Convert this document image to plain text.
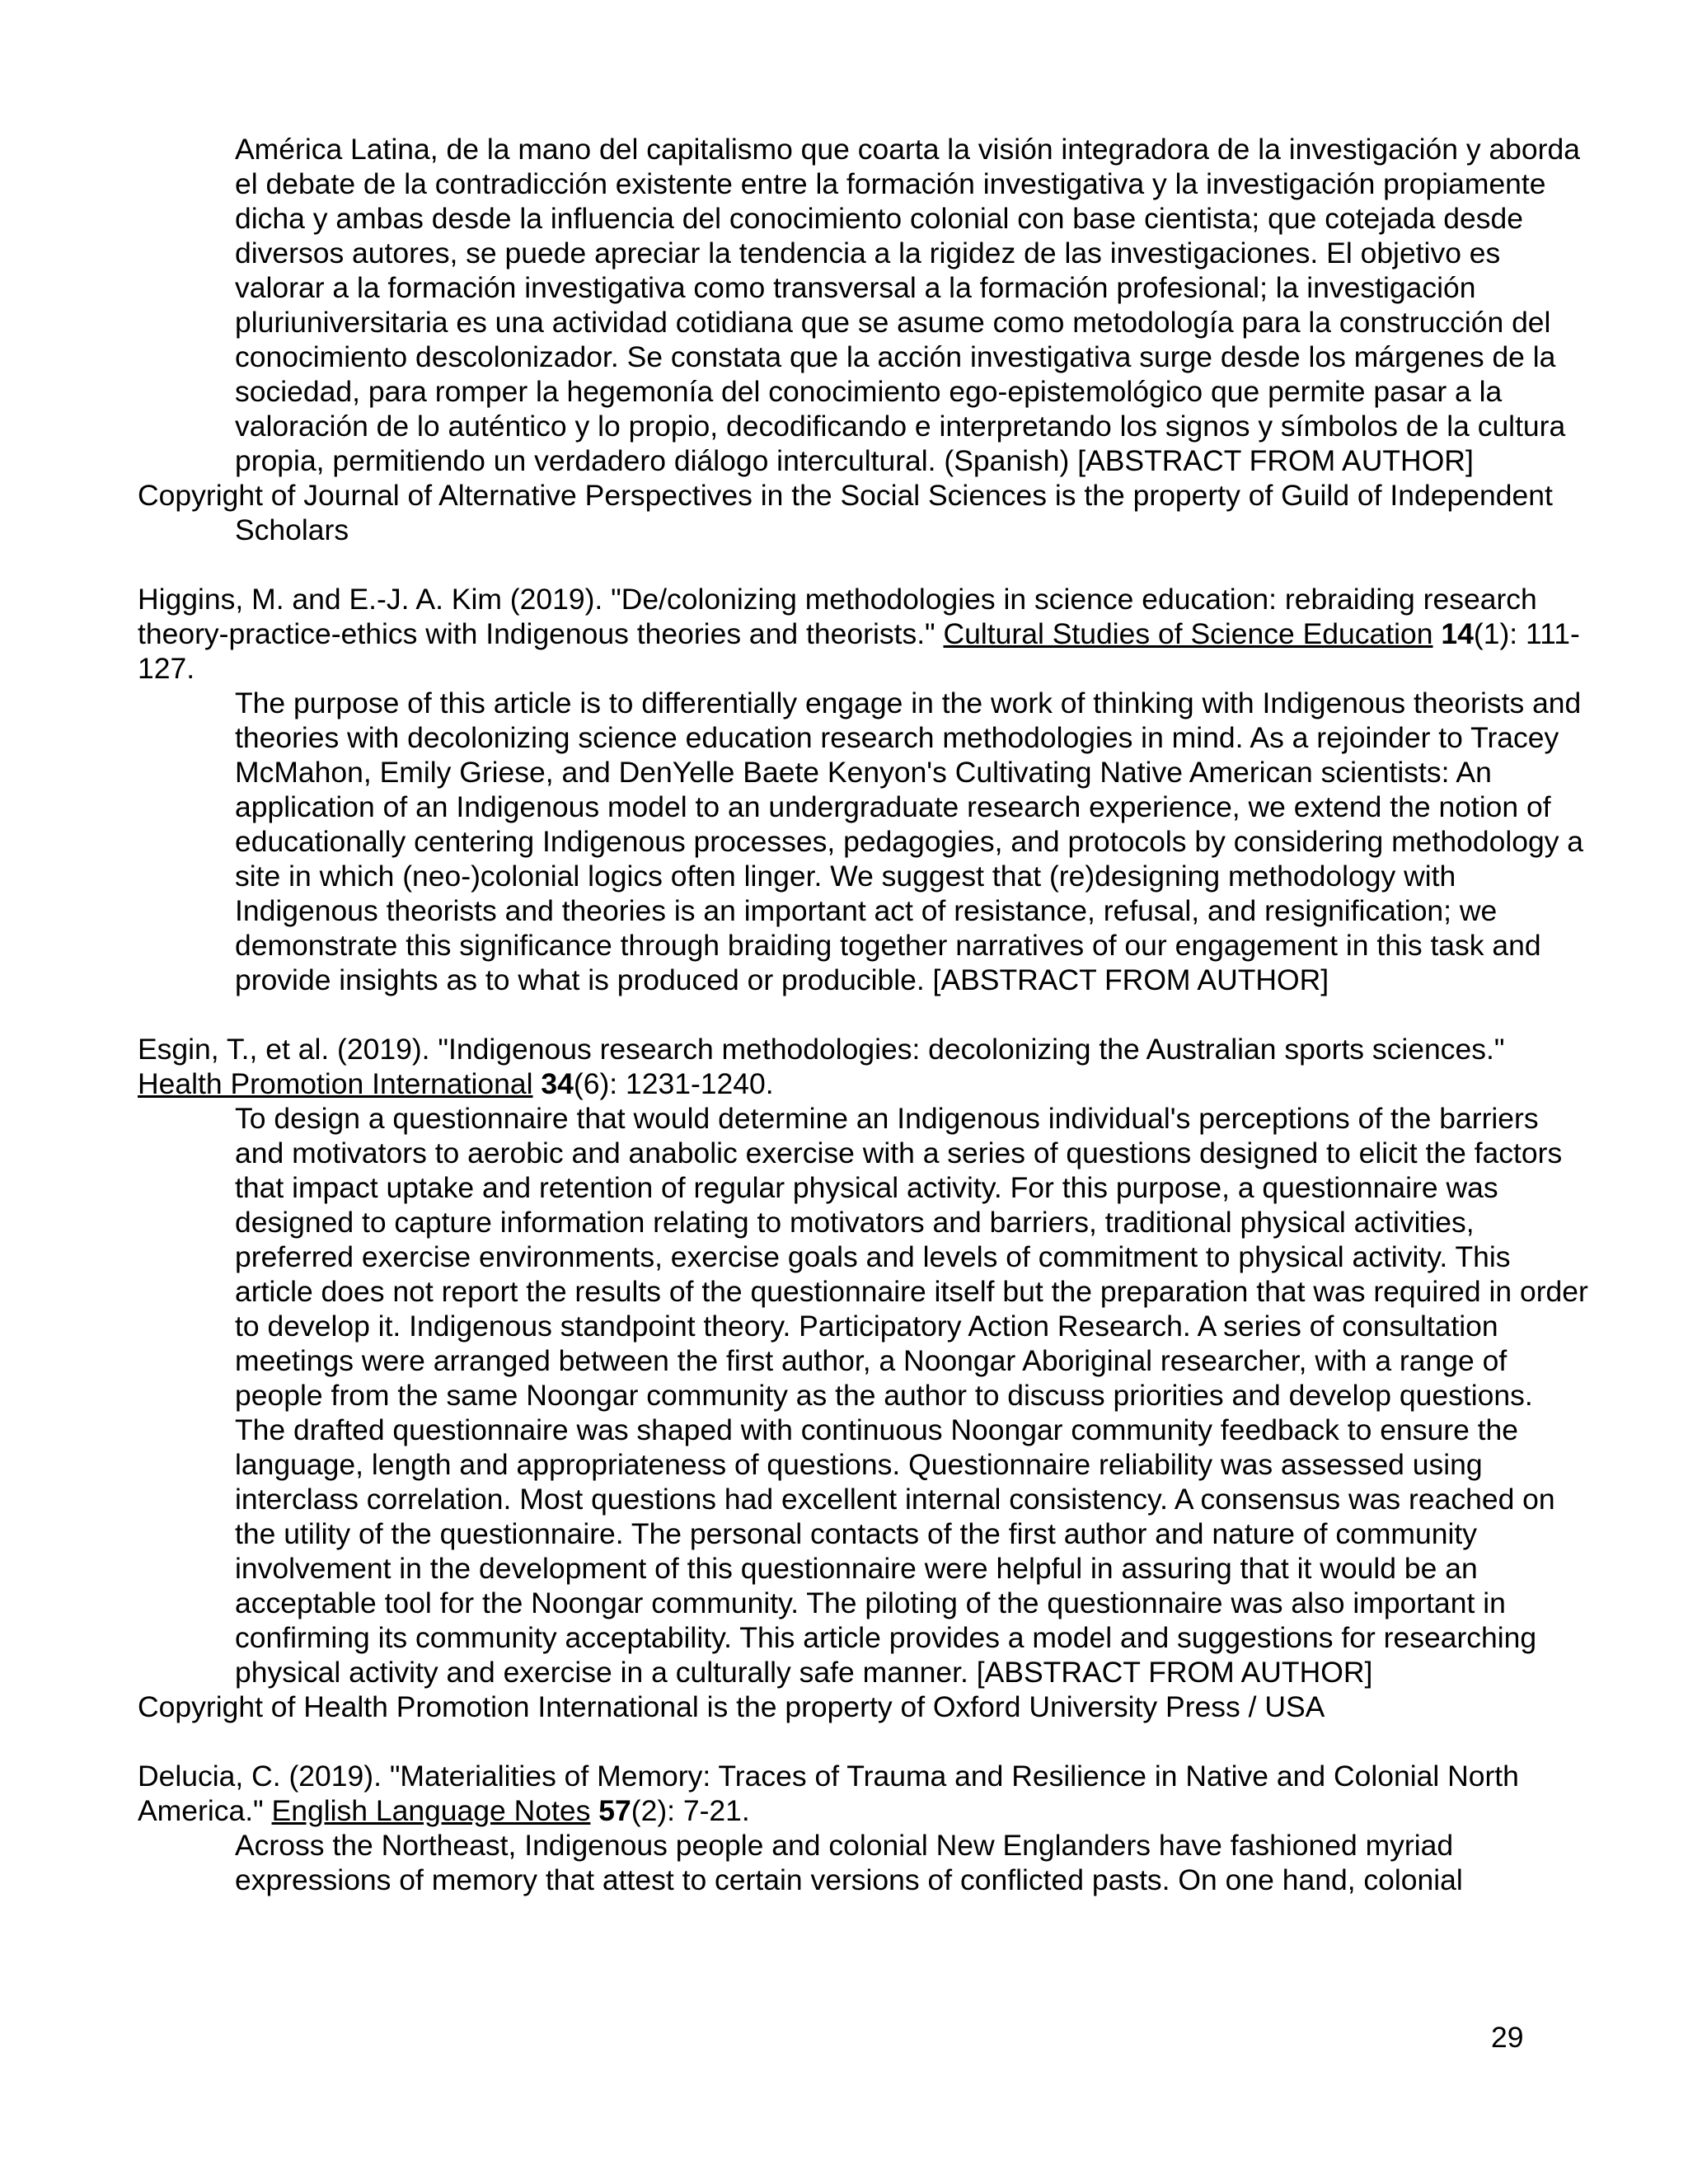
América Latina, de la mano del capitalismo que coarta la visión integradora de la investigación y aborda el debate de la contradicción existente entre la formación investigativa y la investigación propiamente dicha y ambas desde la influencia del conocimiento colonial con base cientista; que cotejada desde diversos autores, se puede apreciar la tendencia a la rigidez de las investigaciones. El objetivo es valorar a la formación investigativa como transversal a la formación profesional; la investigación pluriuniversitaria es una actividad cotidiana que se asume como metodología para la construcción del conocimiento descolonizador. Se constata que la acción investigativa surge desde los márgenes de la sociedad, para romper la hegemonía del conocimiento ego-epistemológico que permite pasar a la valoración de lo auténtico y lo propio, decodificando e interpretando los signos y símbolos de la cultura propia, permitiendo un verdadero diálogo intercultural. (Spanish) [ABSTRACT FROM AUTHOR]

Copyright of Journal of Alternative Perspectives in the Social Sciences is the property of Guild of Independent Scholars

Higgins, M. and E.-J. A. Kim (2019). "De/colonizing methodologies in science education: rebraiding research theory-practice-ethics with Indigenous theories and theorists." Cultural Studies of Science Education 14(1): 111-127.

The purpose of this article is to differentially engage in the work of thinking with Indigenous theorists and theories with decolonizing science education research methodologies in mind. As a rejoinder to Tracey McMahon, Emily Griese, and DenYelle Baete Kenyon's Cultivating Native American scientists: An application of an Indigenous model to an undergraduate research experience, we extend the notion of educationally centering Indigenous processes, pedagogies, and protocols by considering methodology a site in which (neo-)colonial logics often linger. We suggest that (re)designing methodology with Indigenous theorists and theories is an important act of resistance, refusal, and resignification; we demonstrate this significance through braiding together narratives of our engagement in this task and provide insights as to what is produced or producible. [ABSTRACT FROM AUTHOR]

Esgin, T., et al. (2019). "Indigenous research methodologies: decolonizing the Australian sports sciences." Health Promotion International 34(6): 1231-1240.

To design a questionnaire that would determine an Indigenous individual's perceptions of the barriers and motivators to aerobic and anabolic exercise with a series of questions designed to elicit the factors that impact uptake and retention of regular physical activity. For this purpose, a questionnaire was designed to capture information relating to motivators and barriers, traditional physical activities, preferred exercise environments, exercise goals and levels of commitment to physical activity. This article does not report the results of the questionnaire itself but the preparation that was required in order to develop it. Indigenous standpoint theory. Participatory Action Research. A series of consultation meetings were arranged between the first author, a Noongar Aboriginal researcher, with a range of people from the same Noongar community as the author to discuss priorities and develop questions. The drafted questionnaire was shaped with continuous Noongar community feedback to ensure the language, length and appropriateness of questions. Questionnaire reliability was assessed using interclass correlation. Most questions had excellent internal consistency. A consensus was reached on the utility of the questionnaire. The personal contacts of the first author and nature of community involvement in the development of this questionnaire were helpful in assuring that it would be an acceptable tool for the Noongar community. The piloting of the questionnaire was also important in confirming its community acceptability. This article provides a model and suggestions for researching physical activity and exercise in a culturally safe manner. [ABSTRACT FROM AUTHOR]

Copyright of Health Promotion International is the property of Oxford University Press / USA

Delucia, C. (2019). "Materialities of Memory: Traces of Trauma and Resilience in Native and Colonial North America." English Language Notes 57(2): 7-21.

Across the Northeast, Indigenous people and colonial New Englanders have fashioned myriad expressions of memory that attest to certain versions of conflicted pasts. On one hand, colonial

29
